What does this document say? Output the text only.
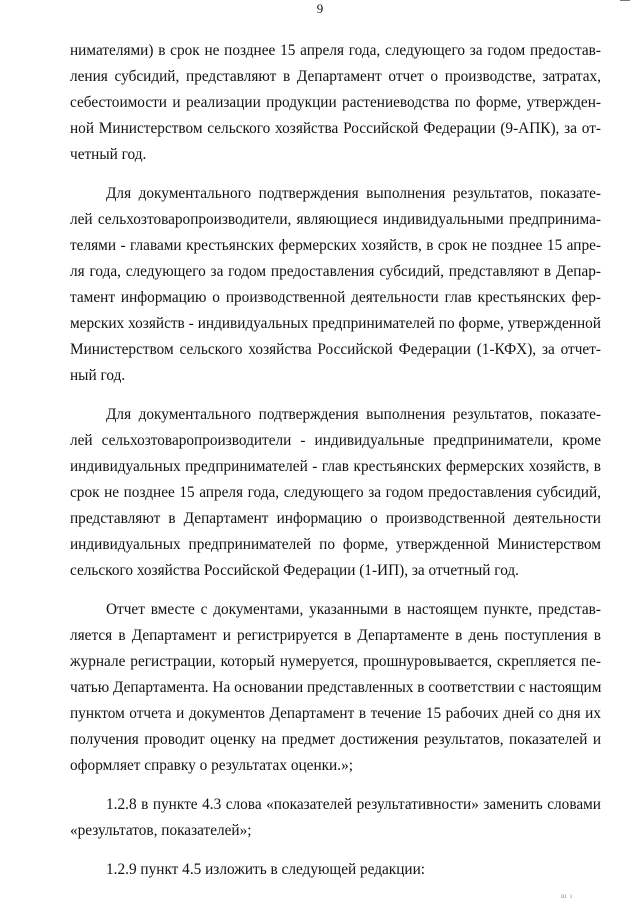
9
нимателями) в срок не позднее 15 апреля года, следующего за годом предостав-
ления субсидий, представляют в Департамент отчет о производстве, затратах,
себестоимости и реализации продукции растениеводства по форме, утвержден-
ной Министерством сельского хозяйства Российской Федерации (9-АПК), за от-
четный год.
Для документального подтверждения выполнения результатов, показате-
лей сельхозтоваропроизводители, являющиеся индивидуальными предпринима-
телями - главами крестьянских фермерских хозяйств, в срок не позднее 15 апре-
ля года, следующего за годом предоставления субсидий, представляют в Депар-
тамент информацию о производственной деятельности глав крестьянских фер-
мерских хозяйств - индивидуальных предпринимателей по форме, утвержденной
Министерством сельского хозяйства Российской Федерации (1-КФХ), за отчет-
ный год.
Для документального подтверждения выполнения результатов, показате-
лей сельхозтоваропроизводители - индивидуальные предприниматели, кроме
индивидуальных предпринимателей - глав крестьянских фермерских хозяйств, в
срок не позднее 15 апреля года, следующего за годом предоставления субсидий,
представляют в Департамент информацию о производственной деятельности
индивидуальных предпринимателей по форме, утвержденной Министерством
сельского хозяйства Российской Федерации (1-ИП), за отчетный год.
Отчет вместе с документами, указанными в настоящем пункте, представ-
ляется в Департамент и регистрируется в Департаменте в день поступления в
журнале регистрации, который нумеруется, прошнуровывается, скрепляется пе-
чатью Департамента. На основании представленных в соответствии с настоящим
пунктом отчета и документов Департамент в течение 15 рабочих дней со дня их
получения проводит оценку на предмет достижения результатов, показателей и
оформляет справку о результатах оценки.»;
1.2.8 в пункте 4.3 слова «показателей результативности» заменить словами
«результатов, показателей»;
1.2.9 пункт 4.5 изложить в следующей редакции:
ш ı
